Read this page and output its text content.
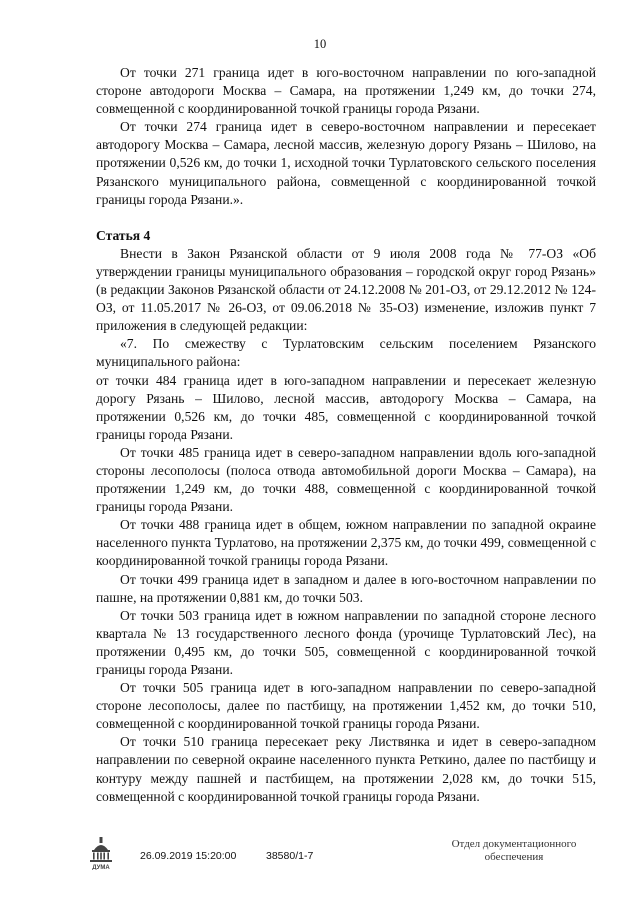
10

От точки 271 граница идет в юго-восточном направлении по юго-западной стороне автодороги Москва – Самара, на протяжении 1,249 км, до точки 274, совмещенной с координированной точкой границы города Рязани.

От точки 274 граница идет в северо-восточном направлении и пересекает автодорогу Москва – Самара, лесной массив, железную дорогу Рязань – Шилово, на протяжении 0,526 км, до точки 1, исходной точки Турлатовского сельского поселения Рязанского муниципального района, совмещенной с координированной точкой границы города Рязани.».

Статья 4

Внести в Закон Рязанской области от 9 июля 2008 года № 77-ОЗ «Об утверждении границы муниципального образования – городской округ город Рязань» (в редакции Законов Рязанской области от 24.12.2008 № 201-ОЗ, от 29.12.2012 № 124-ОЗ, от 11.05.2017 № 26-ОЗ, от 09.06.2018 № 35-ОЗ) изменение, изложив пункт 7 приложения в следующей редакции:

«7. По смежеству с Турлатовским сельским поселением Рязанского муниципального района:

от точки 484 граница идет в юго-западном направлении и пересекает железную дорогу Рязань – Шилово, лесной массив, автодорогу Москва – Самара, на протяжении 0,526 км, до точки 485, совмещенной с координированной точкой границы города Рязани.

От точки 485 граница идет в северо-западном направлении вдоль юго-западной стороны лесополосы (полоса отвода автомобильной дороги Москва – Самара), на протяжении 1,249 км, до точки 488, совмещенной с координированной точкой границы города Рязани.

От точки 488 граница идет в общем, южном направлении по западной окраине населенного пункта Турлатово, на протяжении 2,375 км, до точки 499, совмещенной с координированной точкой границы города Рязани.

От точки 499 граница идет в западном и далее в юго-восточном направлении по пашне, на протяжении 0,881 км, до точки 503.

От точки 503 граница идет в южном направлении по западной стороне лесного квартала № 13 государственного лесного фонда (урочище Турлатовский Лес), на протяжении 0,495 км, до точки 505, совмещенной с координированной точкой границы города Рязани.

От точки 505 граница идет в юго-западном направлении по северо-западной стороне лесополосы, далее по пастбищу, на протяжении 1,452 км, до точки 510, совмещенной с координированной точкой границы города Рязани.

От точки 510 граница пересекает реку Листвянка и идет в северо-западном направлении по северной окраине населенного пункта Реткино, далее по пастбищу и контуру между пашней и пастбищем, на протяжении 2,028 км, до точки 515, совмещенной с координированной точкой границы города Рязани.

ДУМА
26.09.2019 15:20:00	38580/1-7
Отдел документационного
обеспечения
